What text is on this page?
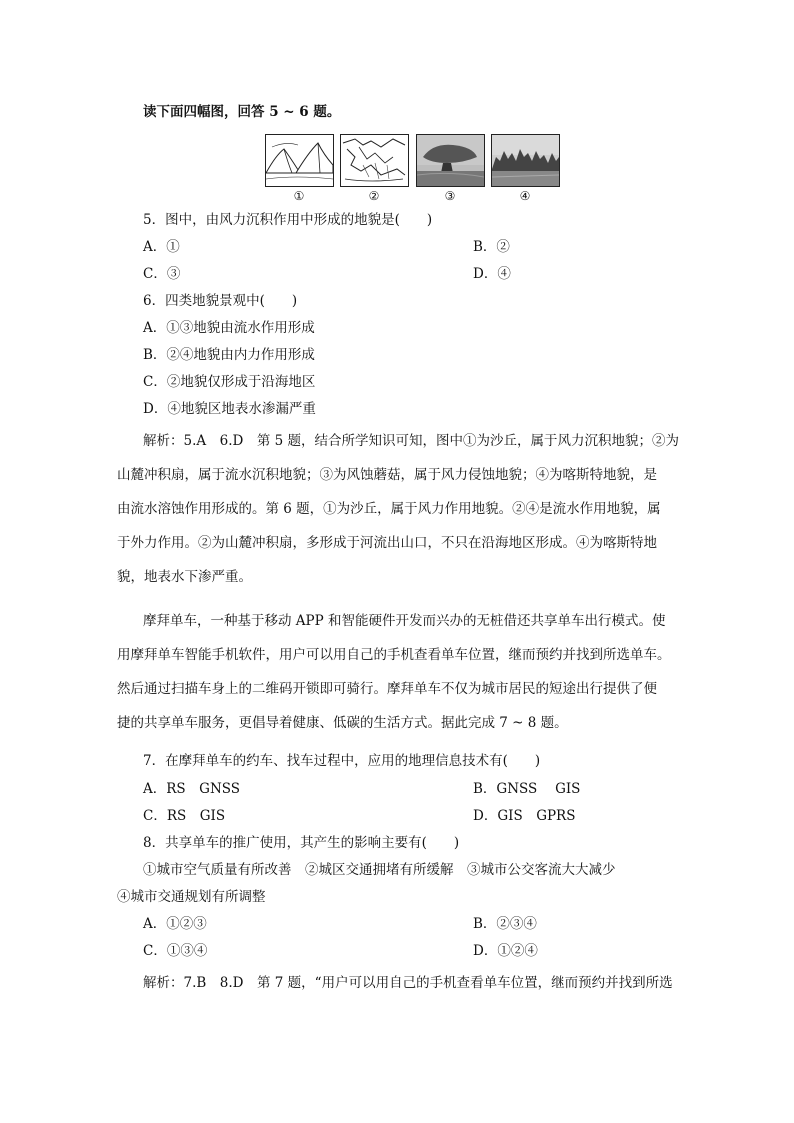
读下面四幅图，回答 5 ~ 6 题。
①	②	③	④
5．图中，由风力沉积作用中形成的地貌是(　　)
A．①	B．②
C．③	D．④
6．四类地貌景观中(　　)
A．①③地貌由流水作用形成
B．②④地貌由内力作用形成
C．②地貌仅形成于沿海地区
D．④地貌区地表水渗漏严重
解析：5.A　6.D　第 5 题，结合所学知识可知，图中①为沙丘，属于风力沉积地貌；②为
山麓冲积扇，属于流水沉积地貌；③为风蚀蘑菇，属于风力侵蚀地貌；④为喀斯特地貌，是
由流水溶蚀作用形成的。第 6 题，①为沙丘，属于风力作用地貌。②④是流水作用地貌，属
于外力作用。②为山麓冲积扇，多形成于河流出山口，不只在沿海地区形成。④为喀斯特地
貌，地表水下渗严重。
摩拜单车，一种基于移动 APP 和智能硬件开发而兴办的无桩借还共享单车出行模式。使
用摩拜单车智能手机软件，用户可以用自己的手机查看单车位置，继而预约并找到所选单车。
然后通过扫描车身上的二维码开锁即可骑行。摩拜单车不仅为城市居民的短途出行提供了便
捷的共享单车服务，更倡导着健康、低碳的生活方式。据此完成 7 ~ 8 题。
7．在摩拜单车的约车、找车过程中，应用的地理信息技术有(　　)
A．RS　GNSS	B．GNSS　 GIS
C．RS　GIS	D．GIS　GPRS
8．共享单车的推广使用，其产生的影响主要有(　　)
①城市空气质量有所改善　②城区交通拥堵有所缓解　③城市公交客流大大减少
④城市交通规划有所调整
A．①②③	B．②③④
C．①③④	D．①②④
解析：7.B　8.D　第 7 题，“用户可以用自己的手机查看单车位置，继而预约并找到所选
